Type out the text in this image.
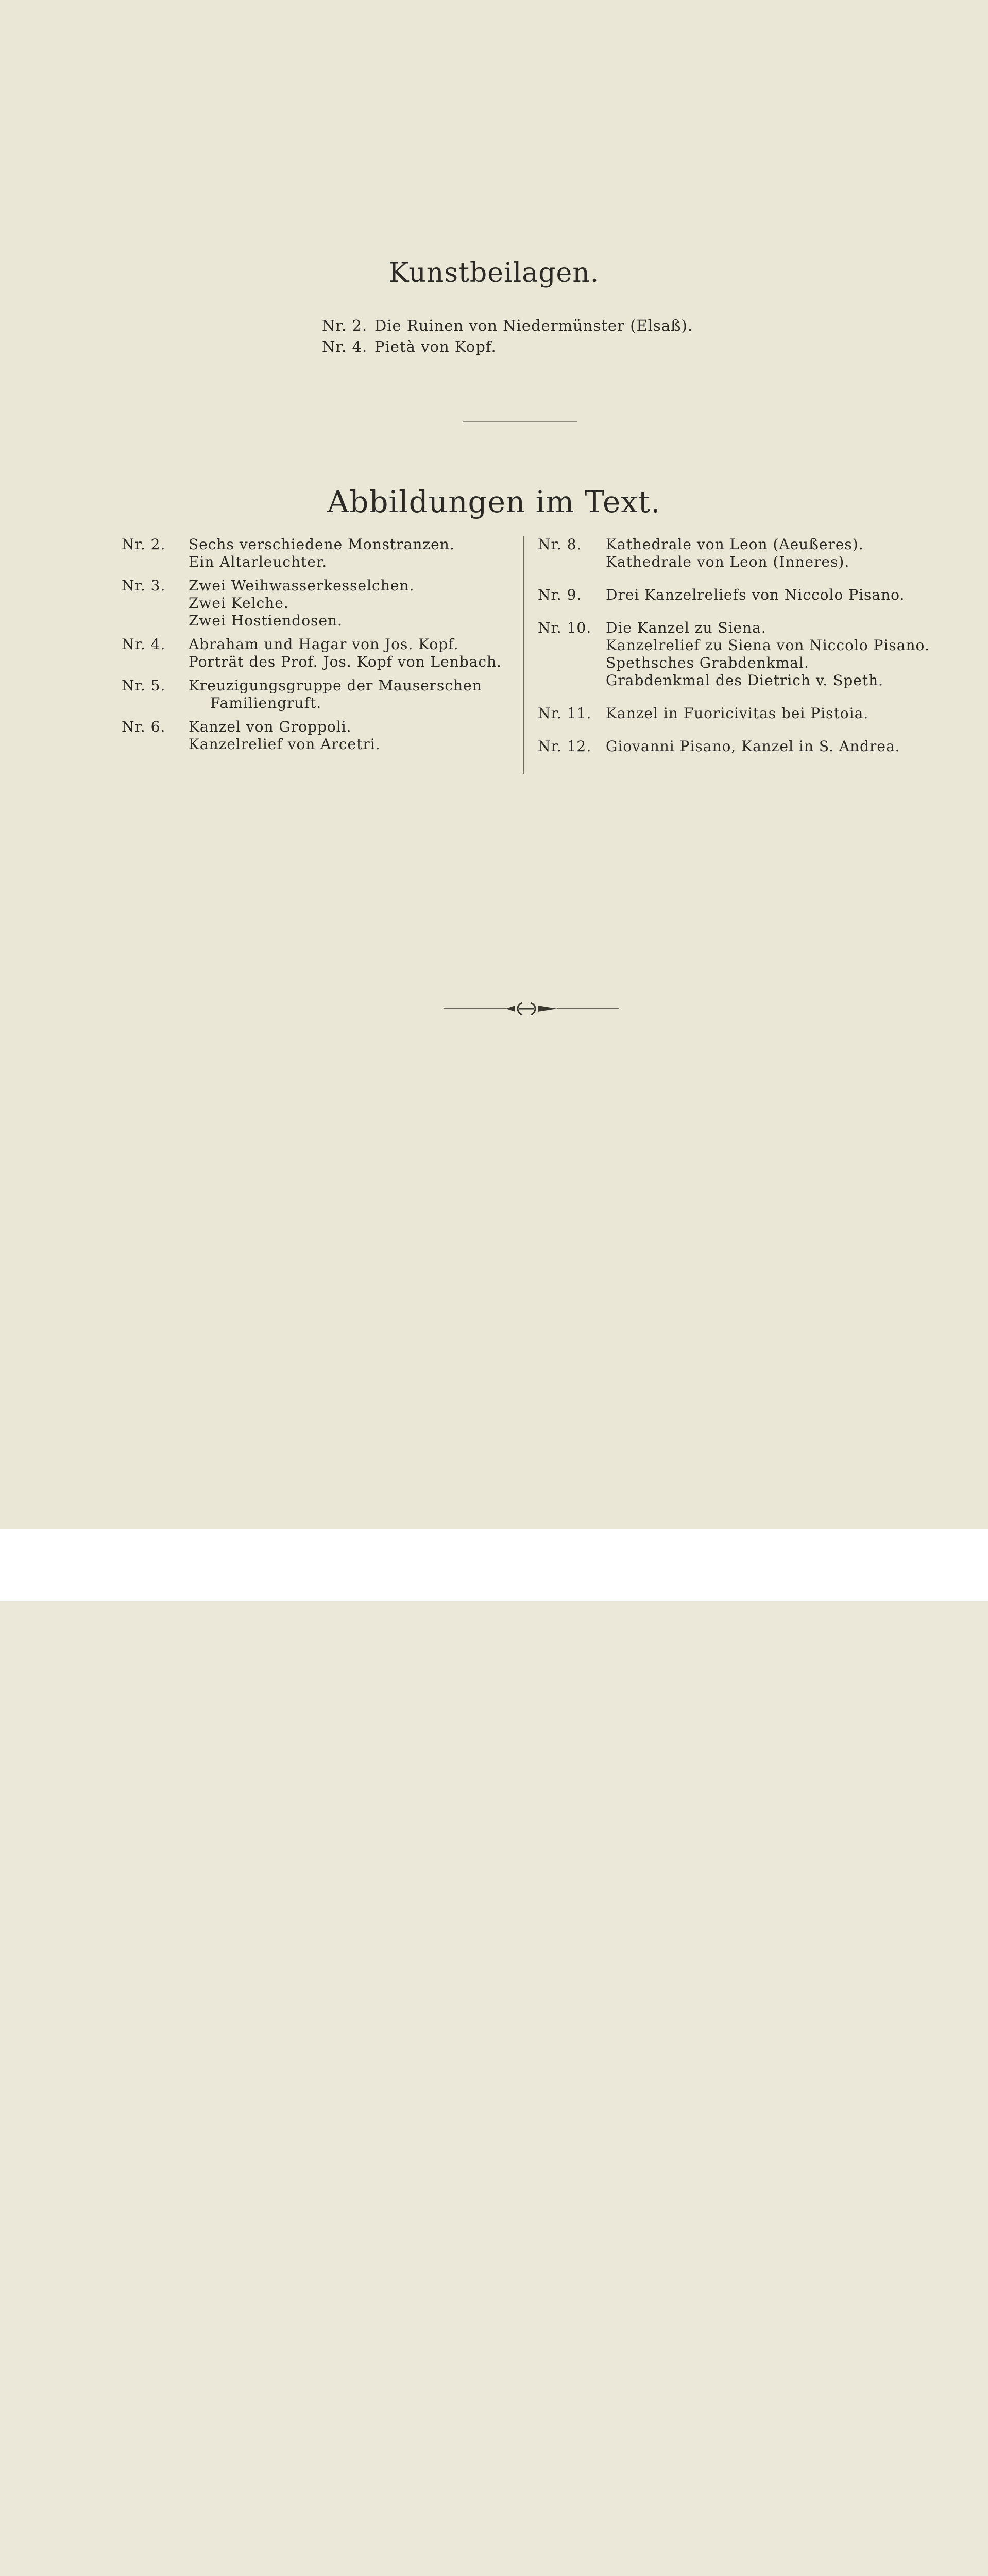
Kunstbeilagen.
Nr. 2. Die Ruinen von Niedermünster (Elsaß).
Nr. 4. Pietà von Kopf.
Abbildungen im Text.
Nr. 2.	Sechs verschiedene Monstranzen.
Ein Altarleuchter.
Nr. 3.	Zwei Weihwasserkesselchen.
Zwei Kelche.
Zwei Hostiendosen.
Nr. 4.	Abraham und Hagar von Jos. Kopf.
Porträt des Prof. Jos. Kopf von Lenbach.
Nr. 5.	Kreuzigungsgruppe der Mauserschen
Familiengruft.
Nr. 6.	Kanzel von Groppoli.
Kanzelrelief von Arcetri.
Nr. 8.	Kathedrale von Leon (Aeußeres).
Kathedrale von Leon (Inneres).
Nr. 9.	Drei Kanzelreliefs von Niccolo Pisano.
Nr. 10. Die Kanzel zu Siena.
Kanzelrelief zu Siena von Niccolo Pisano.
Spethsches Grabdenkmal.
Grabdenkmal des Dietrich v. Speth.
Nr. 11. Kanzel in Fuoricivitas bei Pistoia.
Nr. 12. Giovanni Pisano, Kanzel in S. Andrea.
